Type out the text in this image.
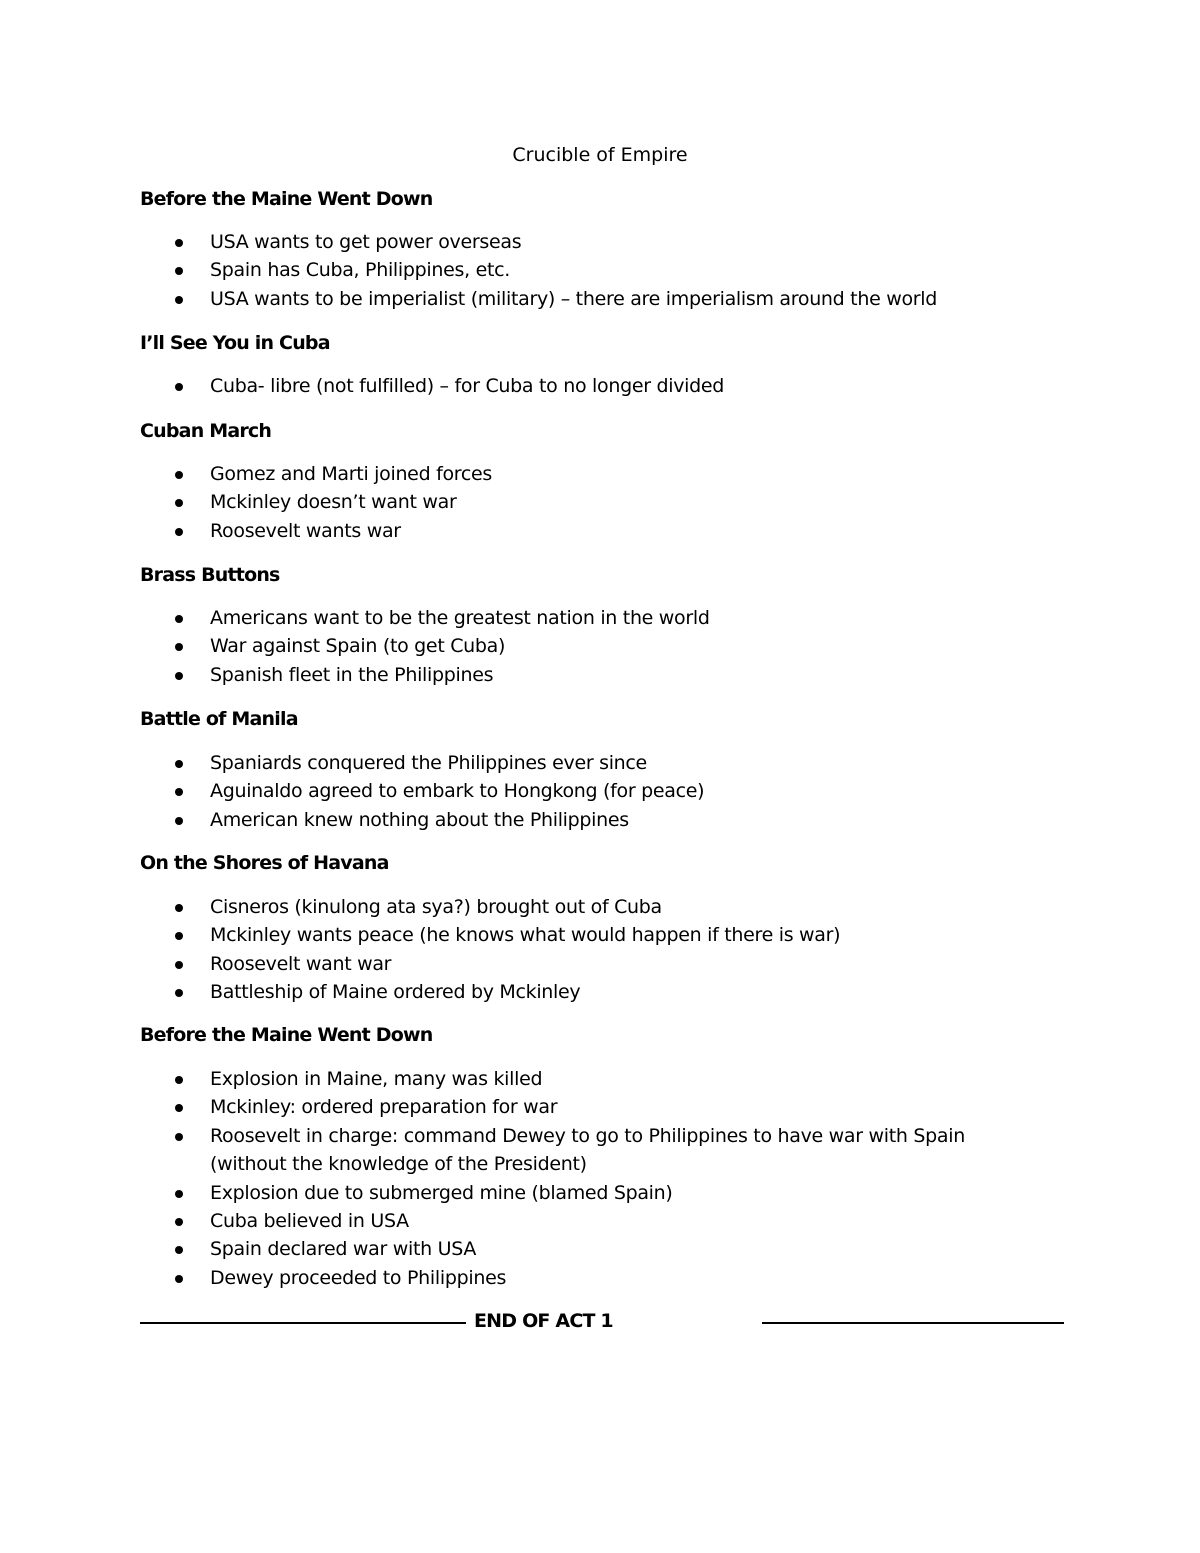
Crucible of Empire
Before the Maine Went Down
USA wants to get power overseas
Spain has Cuba, Philippines, etc.
USA wants to be imperialist (military) – there are imperialism around the world
I’ll See You in Cuba
Cuba- libre (not fulfilled) – for Cuba to no longer divided
Cuban March
Gomez and Marti joined forces
Mckinley doesn’t want war
Roosevelt wants war
Brass Buttons
Americans want to be the greatest nation in the world
War against Spain (to get Cuba)
Spanish fleet in the Philippines
Battle of Manila
Spaniards conquered the Philippines ever since
Aguinaldo agreed to embark to Hongkong (for peace)
American knew nothing about the Philippines
On the Shores of Havana
Cisneros (kinulong ata sya?) brought out of Cuba
Mckinley wants peace (he knows what would happen if there is war)
Roosevelt want war
Battleship of Maine ordered by Mckinley
Before the Maine Went Down
Explosion in Maine, many was killed
Mckinley: ordered preparation for war
Roosevelt in charge: command Dewey to go to Philippines to have war with Spain (without the knowledge of the President)
Explosion due to submerged mine (blamed Spain)
Cuba believed in USA
Spain declared war with USA
Dewey proceeded to Philippines
END OF ACT 1
